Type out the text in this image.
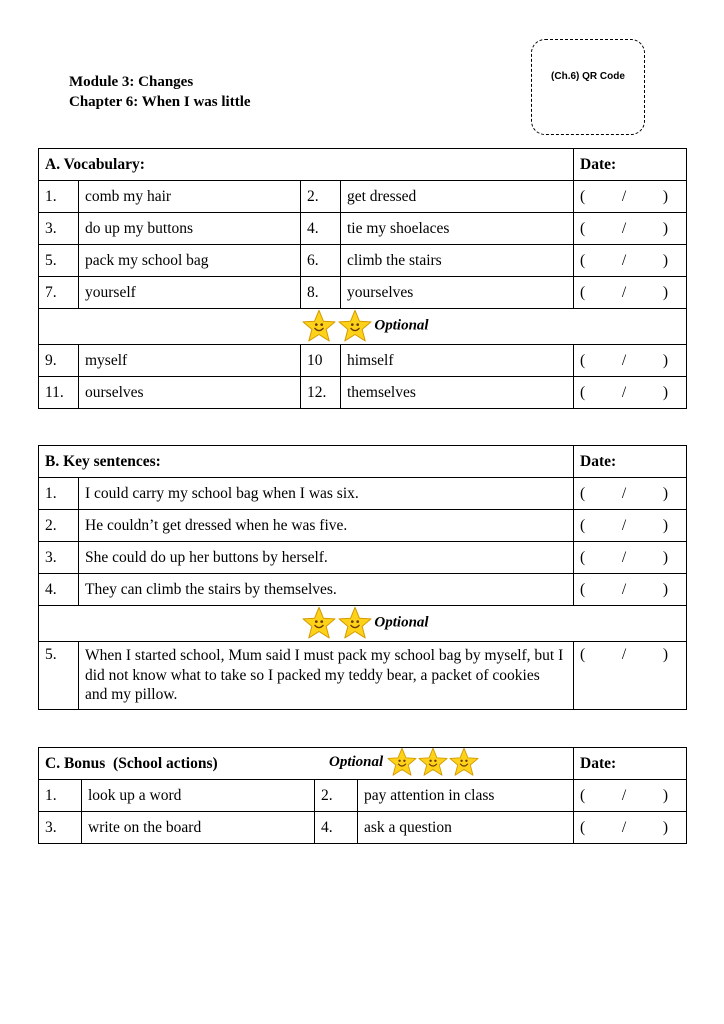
Module 3: Changes
Chapter 6: When I was little
(Ch.6) QR Code
A. Vocabulary:				Date:
1.	comb my hair	2.	get dressed	( / )

3.	do up my buttons	4.	tie my shoelaces	( / )

5.	pack my school bag	6.	climb the stairs	( / )

7.	yourself	8.	yourselves	( / )

Optional				
9.	myself	10	himself	( / )

11.	ourselves	12.	themselves	( / )
B. Key sentences:		Date:
1.	I could carry my school bag when I was six.	( / )

2.	He couldn’t get dressed when he was five.	( / )

3.	She could do up her buttons by herself.	( / )

4.	They can climb the stairs by themselves.	( / )

Optional		
5.	When I started school, Mum said I must pack my school bag by myself, but I did not know what to take so I packed my teddy bear, a packet of cookies and my pillow.	( / )
C. Bonus  (School actions) Optional				Date:
1.	look up a word	2.	pay attention in class	( / )

3.	write on the board	4.	ask a question	( / )
